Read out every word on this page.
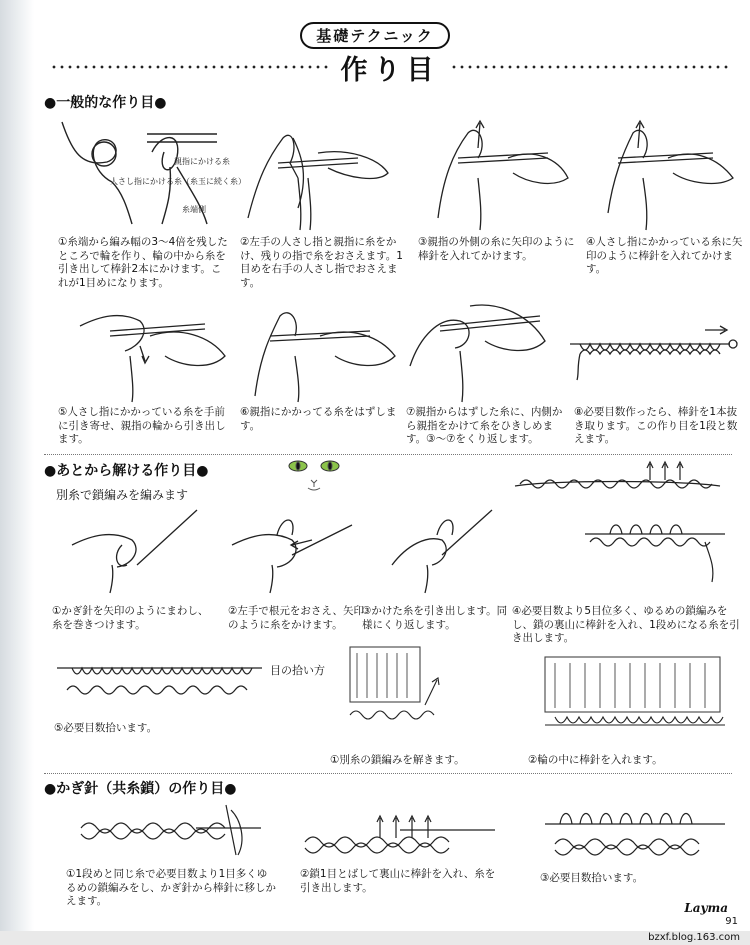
基礎テクニック
作り目
●一般的な作り目●
人さし指にかける糸（糸玉に続く糸）
親指にかける糸
糸端側
①糸端から編み幅の3～4倍を残したところで輪を作り、輪の中から糸を引き出して棒針2本にかけます。これが1目めになります。
②左手の人さし指と親指に糸をかけ、残りの指で糸をおさえます。1目めを右手の人さし指でおさえます。
③親指の外側の糸に矢印のように棒針を入れてかけます。
④人さし指にかかっている糸に矢印のように棒針を入れてかけます。
⑤人さし指にかかっている糸を手前に引き寄せ、親指の輪から引き出します。
⑥親指にかかってる糸をはずします。
⑦親指からはずした糸に、内側から親指をかけて糸をひきしめます。③～⑦をくり返します。
⑧必要目数作ったら、棒針を1本抜き取ります。この作り目を1段と数えます。
●あとから解ける作り目●
別糸で鎖編みを編みます
①かぎ針を矢印のようにまわし、糸を巻きつけます。
②左手で根元をおさえ、矢印のように糸をかけます。
③かけた糸を引き出します。同様にくり返します。
④必要目数より5目位多く、ゆるめの鎖編みをし、鎖の裏山に棒針を入れ、1段めになる糸を引き出します。
目の拾い方
⑤必要目数拾います。
①別糸の鎖編みを解きます。	②輪の中に棒針を入れます。
●かぎ針（共糸鎖）の作り目●
①1段めと同じ糸で必要目数より1目多くゆるめの鎖編みをし、かぎ針から棒針に移しかえます。
②鎖1目とばして裏山に棒針を入れ、糸を引き出します。
③必要目数拾います。
Layma
91
bzxf.blog.163.com
